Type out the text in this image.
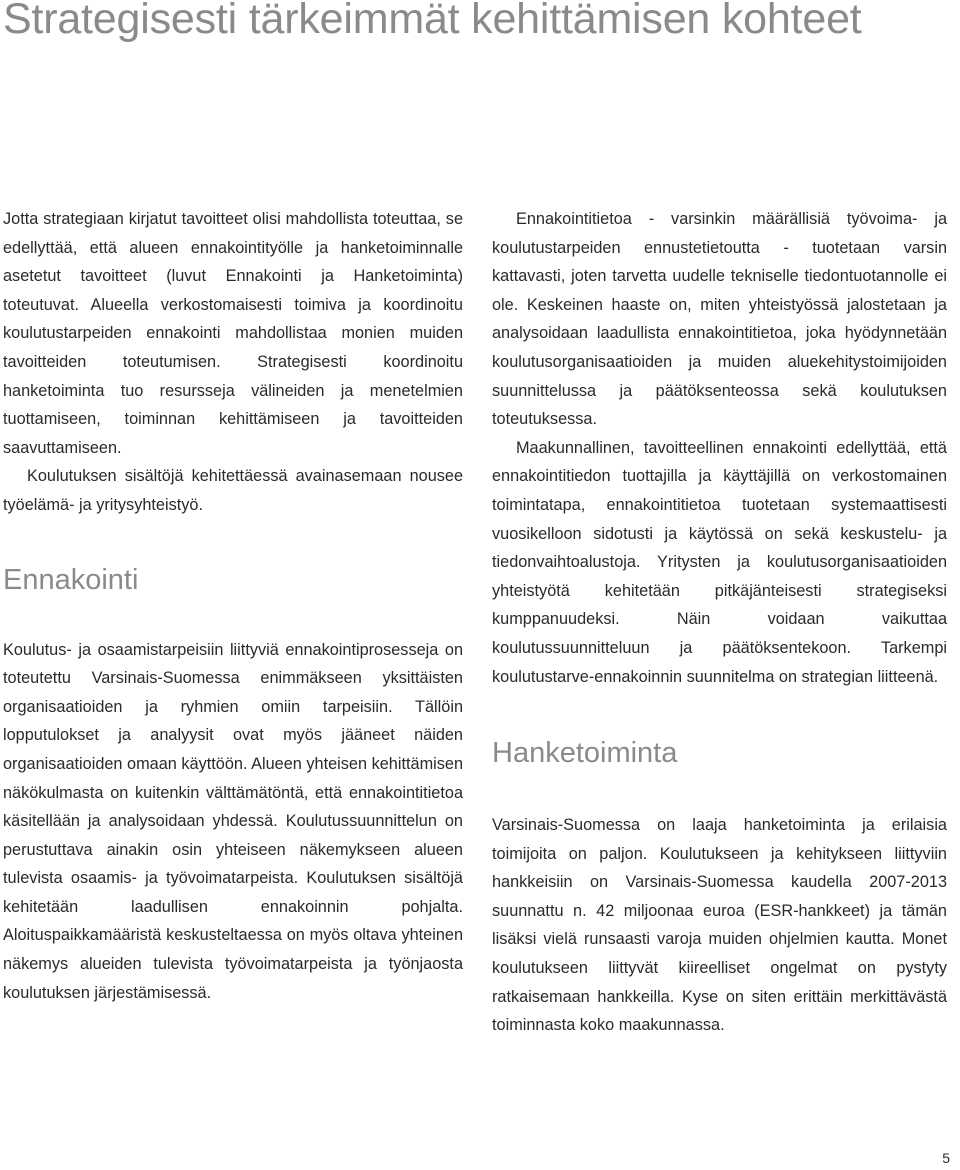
Strategisesti tärkeimmät kehittämisen kohteet

Jotta strategiaan kirjatut tavoitteet olisi mahdollista toteuttaa, se edellyttää, että alueen ennakointityölle ja hanketoiminnalle asetetut tavoitteet (luvut Ennakointi ja Hanketoiminta) toteutuvat. Alueella verkostomaisesti toimiva ja koordinoitu koulutustarpeiden ennakointi mahdollistaa monien muiden tavoitteiden toteutumisen. Strategisesti koordinoitu hanketoiminta tuo resursseja välineiden ja menetelmien tuottamiseen, toiminnan kehittämiseen ja tavoitteiden saavuttamiseen.

Koulutuksen sisältöjä kehitettäessä avainasemaan nousee työelämä- ja yritysyhteistyö.

Ennakointi

Koulutus- ja osaamistarpeisiin liittyviä ennakointiprosesseja on toteutettu Varsinais-Suomessa enimmäkseen yksittäisten organisaatioiden ja ryhmien omiin tarpeisiin. Tällöin lopputulokset ja analyysit ovat myös jääneet näiden organisaatioiden omaan käyttöön. Alueen yhteisen kehittämisen näkökulmasta on kuitenkin välttämätöntä, että ennakointitietoa käsitellään ja analysoidaan yhdessä. Koulutussuunnittelun on perustuttava ainakin osin yhteiseen näkemykseen alueen tulevista osaamis- ja työvoimatarpeista. Koulutuksen sisältöjä kehitetään laadullisen ennakoinnin pohjalta. Aloituspaikkamääristä keskusteltaessa on myös oltava yhteinen näkemys alueiden tulevista työvoimatarpeista ja työnjaosta koulutuksen järjestämisessä.

Ennakointitietoa - varsinkin määrällisiä työvoima- ja koulutustarpeiden ennustetietoutta - tuotetaan varsin kattavasti, joten tarvetta uudelle tekniselle tiedontuotannolle ei ole. Keskeinen haaste on, miten yhteistyössä jalostetaan ja analysoidaan laadullista ennakointitietoa, joka hyödynnetään koulutusorganisaatioiden ja muiden aluekehitystoimijoiden suunnittelussa ja päätöksenteossa sekä koulutuksen toteutuksessa.

Maakunnallinen, tavoitteellinen ennakointi edellyttää, että ennakointitiedon tuottajilla ja käyttäjillä on verkostomainen toimintatapa, ennakointitietoa tuotetaan systemaattisesti vuosikelloon sidotusti ja käytössä on sekä keskustelu- ja tiedonvaihtoalustoja. Yritysten ja koulutusorganisaatioiden yhteistyötä kehitetään pitkäjänteisesti strategiseksi kumppanuudeksi. Näin voidaan vaikuttaa koulutussuunnitteluun ja päätöksentekoon. Tarkempi koulutustarve-ennakoinnin suunnitelma on strategian liitteenä.

Hanketoiminta

Varsinais-Suomessa on laaja hanketoiminta ja erilaisia toimijoita on paljon. Koulutukseen ja kehitykseen liittyviin hankkeisiin on Varsinais-Suomessa kaudella 2007-2013 suunnattu n. 42 miljoonaa euroa (ESR-hankkeet) ja tämän lisäksi vielä runsaasti varoja muiden ohjelmien kautta. Monet koulutukseen liittyvät kiireelliset ongelmat on pystyty ratkaisemaan hankkeilla. Kyse on siten erittäin merkittävästä toiminnasta koko maakunnassa.

5
